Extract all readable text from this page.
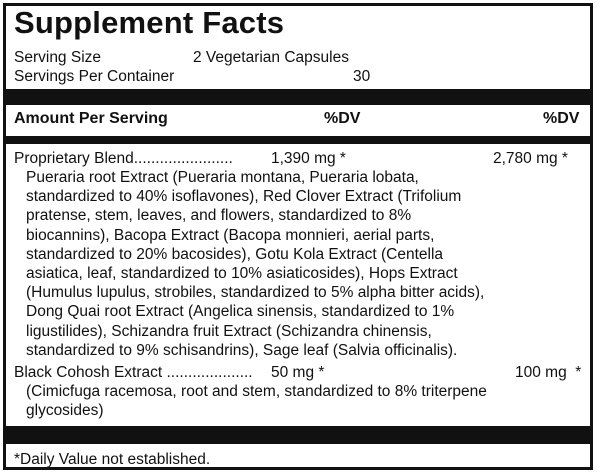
Supplement Facts
Serving Size	2 Vegetarian Capsules
Servings Per Container	30
Amount Per Serving	%DV	%DV
Proprietary Blend....................... 1,390 mg *	2,780 mg *
Pueraria root Extract (Pueraria montana, Pueraria lobata,
standardized to 40% isoflavones), Red Clover Extract (Trifolium
pratense, stem, leaves, and flowers, standardized to 8%
biocannins), Bacopa Extract (Bacopa monnieri, aerial parts,
standardized to 20% bacosides), Gotu Kola Extract (Centella
asiatica, leaf, standardized to 10% asiaticosides), Hops Extract
(Humulus lupulus, strobiles, standardized to 5% alpha bitter acids),
Dong Quai root Extract (Angelica sinensis, standardized to 1%
ligustilides), Schizandra fruit Extract (Schizandra chinensis,
standardized to 9% schisandrins), Sage leaf (Salvia officinalis).
Black Cohosh Extract .................... 50 mg *	100 mg  *
(Cimicfuga racemosa, root and stem, standardized to 8% triterpene
glycosides)
*Daily Value not established.
